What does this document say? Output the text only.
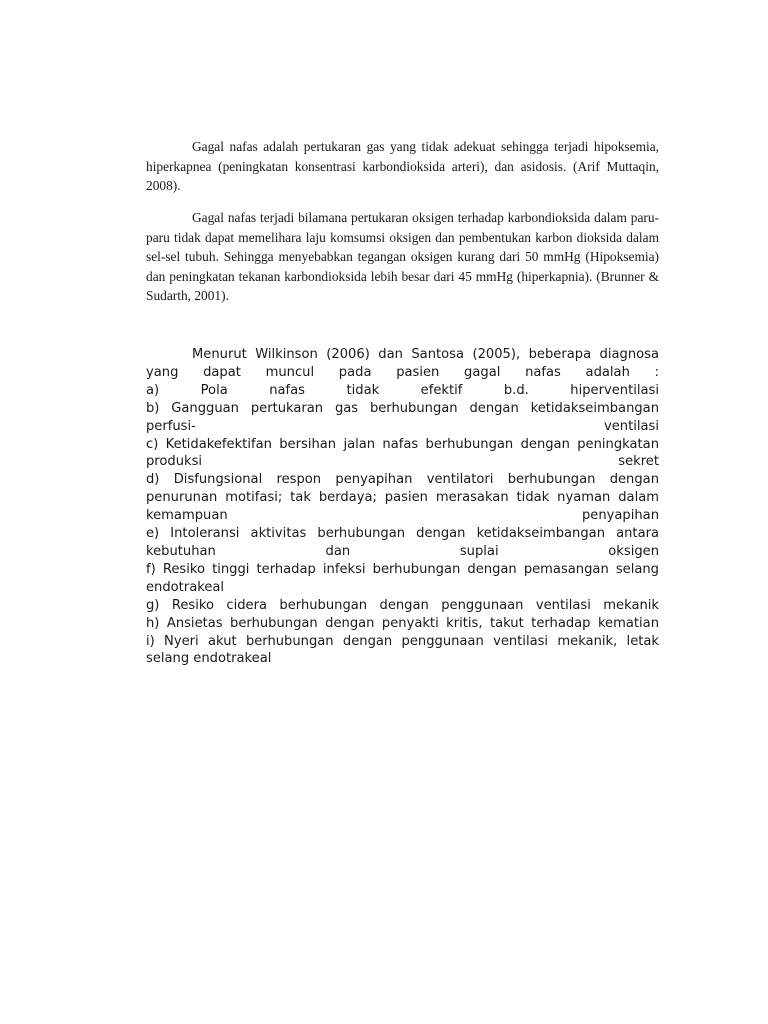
Gagal nafas adalah pertukaran gas yang tidak adekuat sehingga terjadi hipoksemia, hiperkapnea (peningkatan konsentrasi karbondioksida arteri), dan asidosis. (Arif Muttaqin, 2008).

Gagal nafas terjadi bilamana pertukaran oksigen terhadap karbondioksida dalam paru-paru tidak dapat memelihara laju komsumsi oksigen dan pembentukan karbon dioksida dalam sel-sel tubuh. Sehingga menyebabkan tegangan oksigen kurang dari 50 mmHg (Hipoksemia) dan peningkatan tekanan karbondioksida lebih besar dari 45 mmHg (hiperkapnia). (Brunner & Sudarth, 2001).

Menurut Wilkinson (2006) dan Santosa (2005), beberapa diagnosa yang dapat muncul pada pasien gagal nafas adalah :

a) Pola nafas tidak efektif b.d. hiperventilasi

b) Gangguan pertukaran gas berhubungan dengan ketidakseimbangan perfusi- ventilasi

c) Ketidakefektifan bersihan jalan nafas berhubungan dengan peningkatan produksi sekret

d) Disfungsional respon penyapihan ventilatori berhubungan dengan penurunan motifasi; tak berdaya; pasien merasakan tidak nyaman dalam kemampuan penyapihan

e) Intoleransi aktivitas berhubungan dengan ketidakseimbangan antara kebutuhan dan suplai oksigen

f) Resiko tinggi terhadap infeksi berhubungan dengan pemasangan selang endotrakeal

g) Resiko cidera berhubungan dengan penggunaan ventilasi mekanik

h) Ansietas berhubungan dengan penyakti kritis, takut terhadap kematian

i) Nyeri akut berhubungan dengan penggunaan ventilasi mekanik, letak selang endotrakeal
